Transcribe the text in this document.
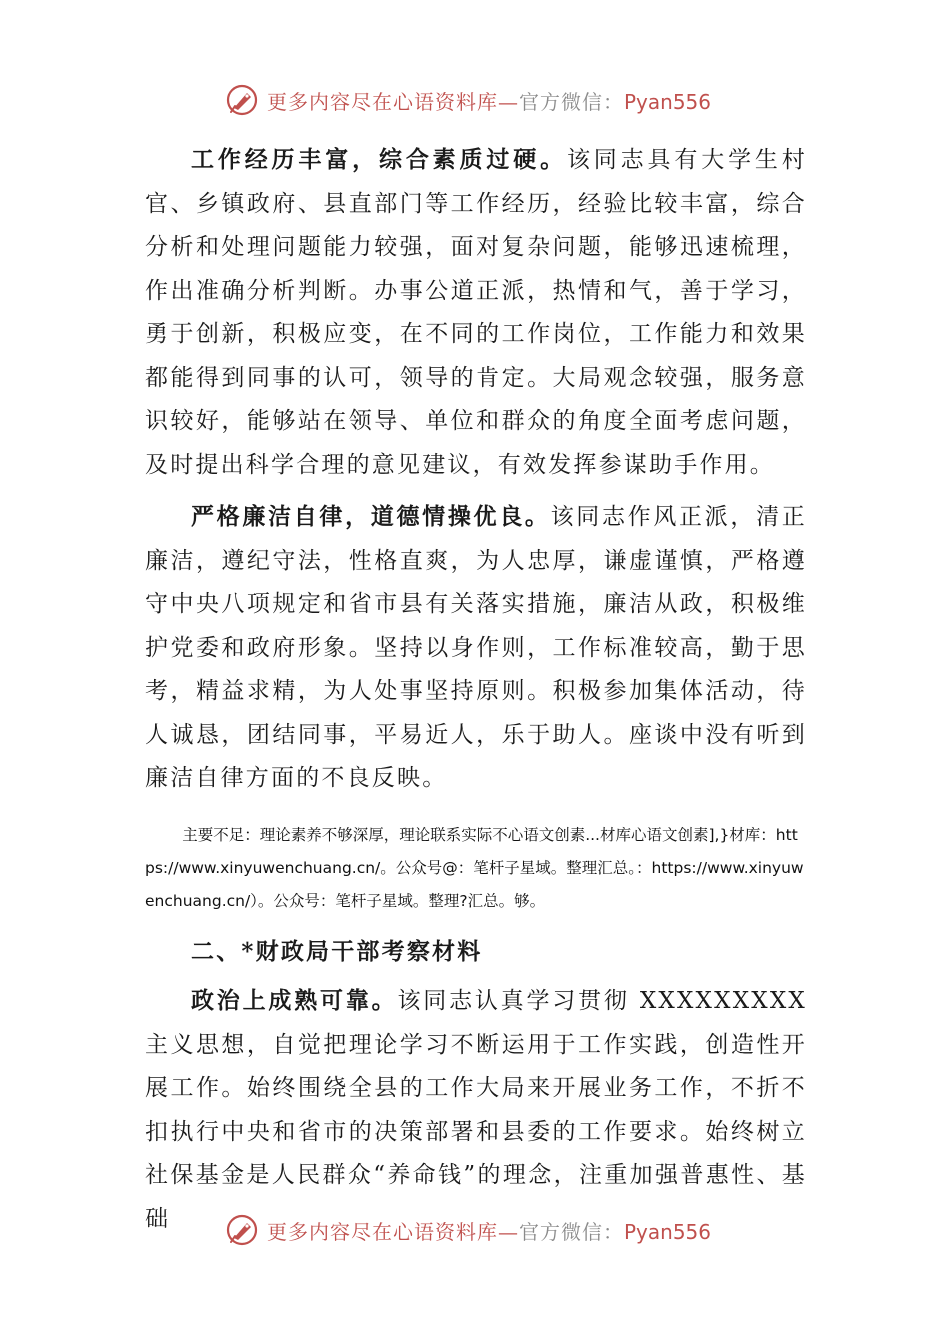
更多内容尽在心语资料库—官方微信：Pyan556

工作经历丰富，综合素质过硬。该同志具有大学生村官、乡镇政府、县直部门等工作经历，经验比较丰富，综合分析和处理问题能力较强，面对复杂问题，能够迅速梳理，作出准确分析判断。办事公道正派，热情和气，善于学习，勇于创新，积极应变，在不同的工作岗位，工作能力和效果都能得到同事的认可，领导的肯定。大局观念较强，服务意识较好，能够站在领导、单位和群众的角度全面考虑问题，及时提出科学合理的意见建议，有效发挥参谋助手作用。

严格廉洁自律，道德情操优良。该同志作风正派，清正廉洁，遵纪守法，性格直爽，为人忠厚，谦虚谨慎，严格遵守中央八项规定和省市县有关落实措施，廉洁从政，积极维护党委和政府形象。坚持以身作则，工作标准较高，勤于思考，精益求精，为人处事坚持原则。积极参加集体活动，待人诚恳，团结同事，平易近人，乐于助人。座谈中没有听到廉洁自律方面的不良反映。

主要不足：理论素养不够深厚，理论联系实际不心语文创素...材库心语文创素],}材库：https://www.xinyuwenchuang.cn/。公众号@：笔杆子星域。整理汇总。：https://www.xinyuwenchuang.cn/）。公众号：笔杆子星域。整理?汇总。够。

二、*财政局干部考察材料

政治上成熟可靠。该同志认真学习贯彻 XXXXXXXXX 主义思想，自觉把理论学习不断运用于工作实践，创造性开展工作。始终围绕全县的工作大局来开展业务工作，不折不扣执行中央和省市的决策部署和县委的工作要求。始终树立社保基金是人民群众“养命钱”的理念，注重加强普惠性、基础	更多内容尽在心语资料库—官方微信：Pyan556
